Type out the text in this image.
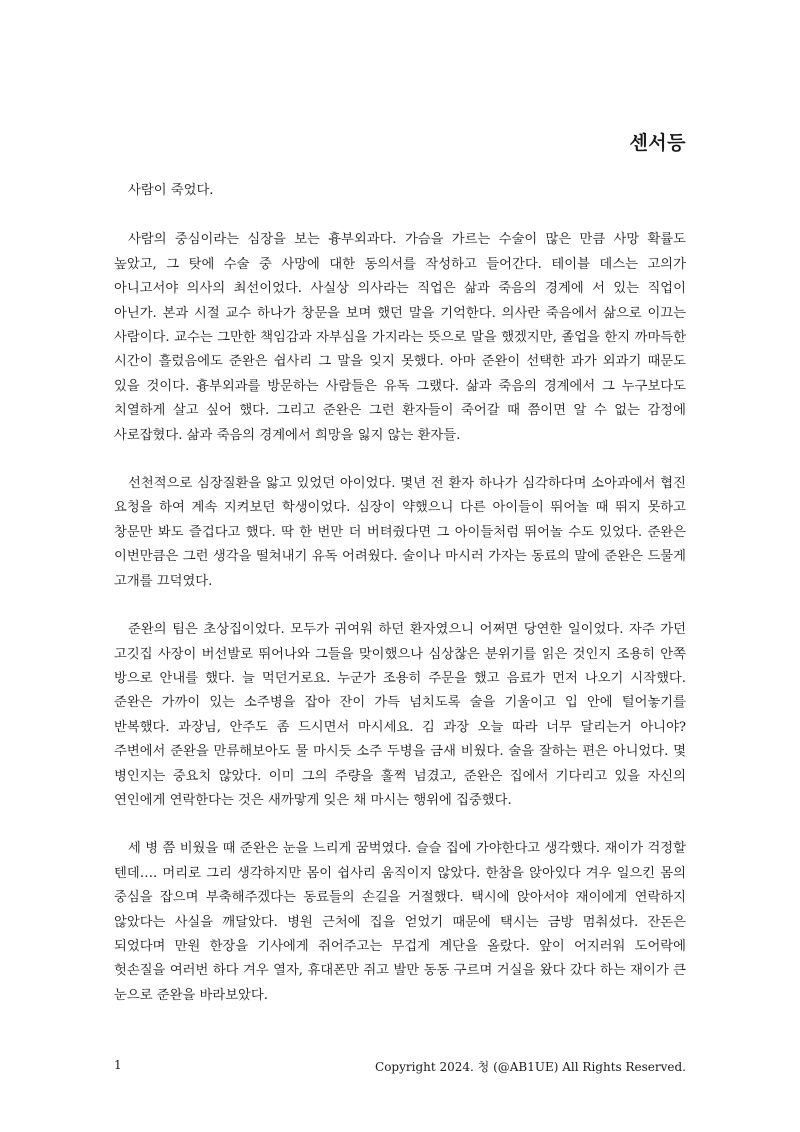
센서등

사람이 죽었다.

사람의 중심이라는 심장을 보는 흉부외과다. 가슴을 가르는 수술이 많은 만큼 사망 확률도 높았고, 그 탓에 수술 중 사망에 대한 동의서를 작성하고 들어간다. 테이블 데스는 고의가 아니고서야 의사의 최선이었다. 사실상 의사라는 직업은 삶과 죽음의 경계에 서 있는 직업이 아닌가. 본과 시절 교수 하나가 창문을 보며 했던 말을 기억한다. 의사란 죽음에서 삶으로 이끄는 사람이다. 교수는 그만한 책임감과 자부심을 가지라는 뜻으로 말을 했겠지만, 졸업을 한지 까마득한 시간이 흘렀음에도 준완은 쉽사리 그 말을 잊지 못했다. 아마 준완이 선택한 과가 외과기 때문도 있을 것이다. 흉부외과를 방문하는 사람들은 유독 그랬다. 삶과 죽음의 경계에서 그 누구보다도 치열하게 살고 싶어 했다. 그리고 준완은 그런 환자들이 죽어갈 때 쯤이면 알 수 없는 감정에 사로잡혔다. 삶과 죽음의 경계에서 희망을 잃지 않는 환자들.

선천적으로 심장질환을 앓고 있었던 아이었다. 몇년 전 환자 하나가 심각하다며 소아과에서 협진 요청을 하여 계속 지켜보던 학생이었다. 심장이 약했으니 다른 아이들이 뛰어놀 때 뛰지 못하고 창문만 봐도 즐겁다고 했다. 딱 한 번만 더 버텨줬다면 그 아이들처럼 뛰어놀 수도 있었다. 준완은 이번만큼은 그런 생각을 떨쳐내기 유독 어려웠다. 술이나 마시러 가자는 동료의 말에 준완은 드물게 고개를 끄덕였다.

준완의 팀은 초상집이었다. 모두가 귀여워 하던 환자였으니 어쩌면 당연한 일이었다. 자주 가던 고깃집 사장이 버선발로 뛰어나와 그들을 맞이했으나 심상찮은 분위기를 읽은 것인지 조용히 안쪽 방으로 안내를 했다. 늘 먹던거로요. 누군가 조용히 주문을 했고 음료가 먼저 나오기 시작했다. 준완은 가까이 있는 소주병을 잡아 잔이 가득 넘치도록 술을 기울이고 입 안에 털어놓기를 반복했다. 과장님, 안주도 좀 드시면서 마시세요. 김 과장 오늘 따라 너무 달리는거 아니야? 주변에서 준완을 만류해보아도 물 마시듯 소주 두병을 금새 비웠다. 술을 잘하는 편은 아니었다. 몇 병인지는 중요치 않았다. 이미 그의 주량을 훌쩍 넘겼고, 준완은 집에서 기다리고 있을 자신의 연인에게 연락한다는 것은 새까맣게 잊은 채 마시는 행위에 집중했다.

세 병 쯤 비웠을 때 준완은 눈을 느리게 꿈벅였다. 슬슬 집에 가야한다고 생각했다. 재이가 걱정할 텐데…. 머리로 그리 생각하지만 몸이 쉽사리 움직이지 않았다. 한참을 앉아있다 겨우 일으킨 몸의 중심을 잡으며 부축해주겠다는 동료들의 손길을 거절했다. 택시에 앉아서야 재이에게 연락하지 않았다는 사실을 깨달았다. 병원 근처에 집을 얻었기 때문에 택시는 금방 멈춰섰다. 잔돈은 되었다며 만원 한장을 기사에게 쥐어주고는 무겁게 계단을 올랐다. 앞이 어지러워 도어락에 헛손질을 여러번 하다 겨우 열자, 휴대폰만 쥐고 발만 동동 구르며 거실을 왔다 갔다 하는 재이가 큰 눈으로 준완을 바라보았다.

1	Copyright 2024. 청 (@AB1UE) All Rights Reserved.
